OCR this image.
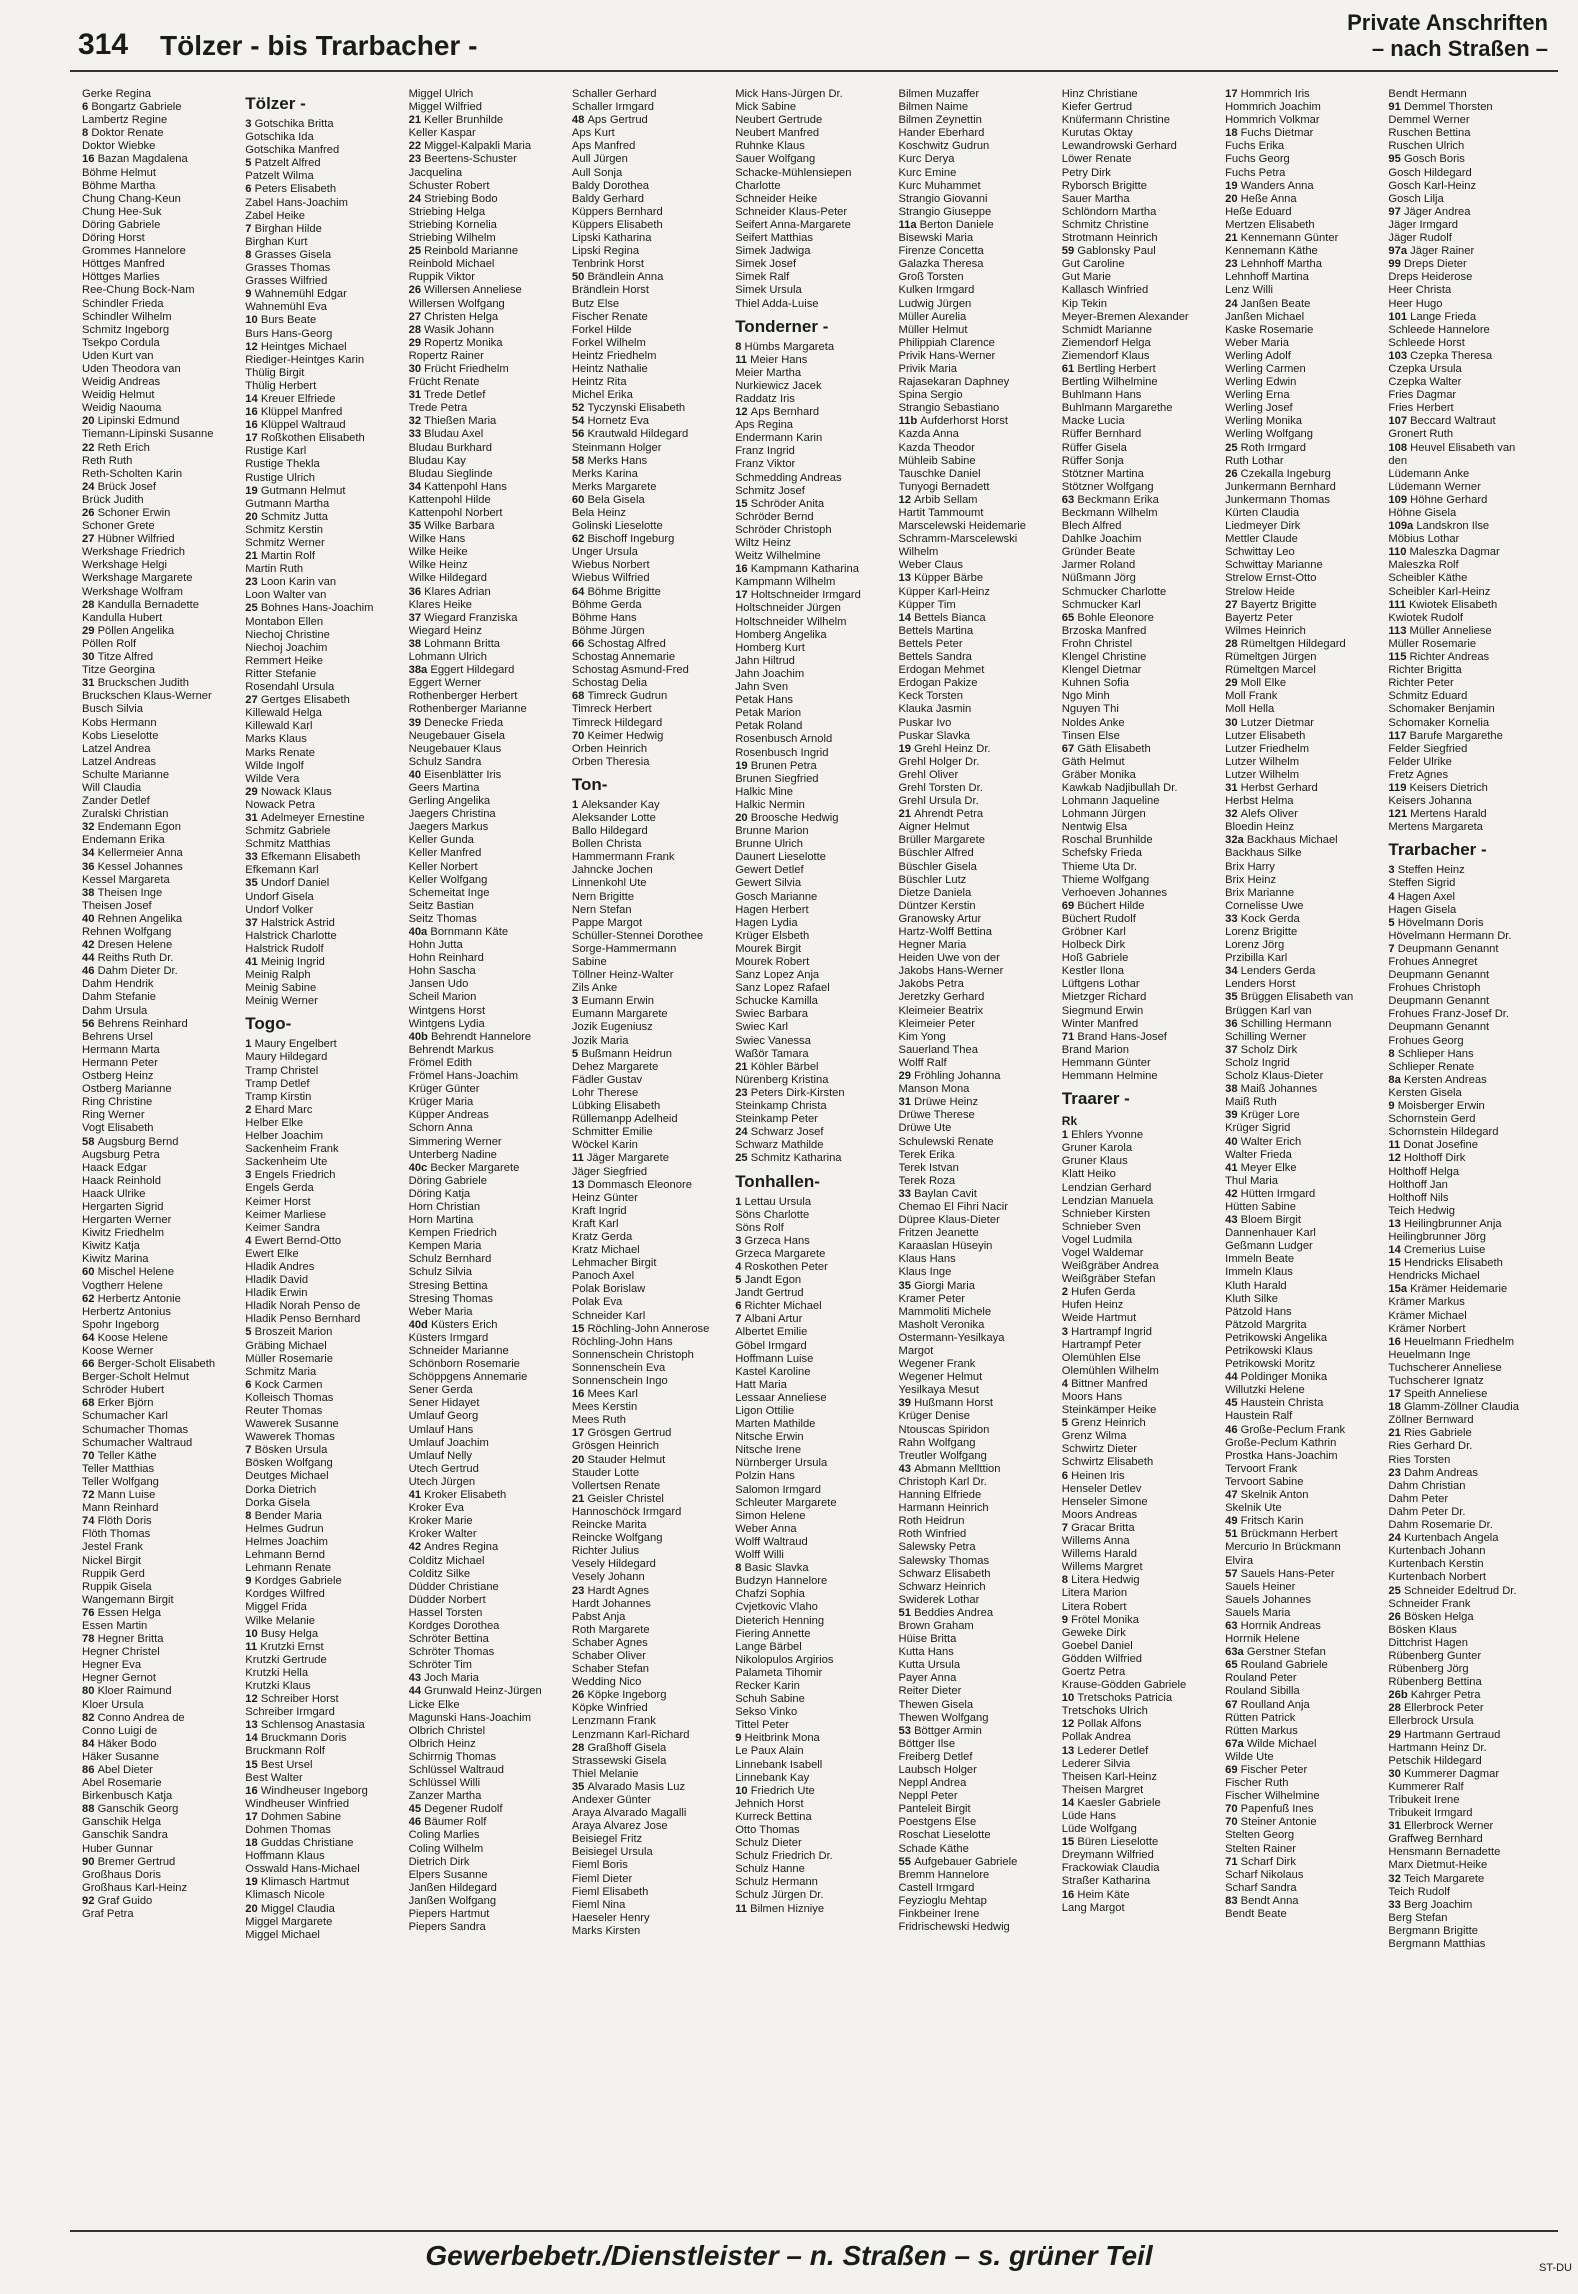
314 Tölzer - bis Trarbacher -
Private Anschriften
– nach Straßen –
Gerke Regina
6 Bongartz Gabriele
Lambertz Regine
8 Doktor Renate
Doktor Wiebke
16 Bazan Magdalena
Böhme Helmut
Böhme Martha
Chung Chang-Keun
Chung Hee-Suk
Döring Gabriele
Döring Horst
Grommes Hannelore
Höttges Manfred
Höttges Marlies
Ree-Chung Bock-Nam
Schindler Frieda
Schindler Wilhelm
Schmitz Ingeborg
Tsekpo Cordula
Uden Kurt van
Uden Theodora van
Weidig Andreas
Weidig Helmut
Weidig Naouma
20 Lipinski Edmund
Tiemann-Lipinski Susanne
22 Reth Erich
Reth Ruth
Reth-Scholten Karin
24 Brück Josef
Brück Judith
26 Schoner Erwin
Schoner Grete
27 Hübner Wilfried
Werkshage Friedrich
Werkshage Helgi
Werkshage Margarete
Werkshage Wolfram
28 Kandulla Bernadette
Kandulla Hubert
29 Pöllen Angelika
Pöllen Rolf
30 Titze Alfred
Titze Georgina
31 Bruckschen Judith
Bruckschen Klaus-Werner
Busch Silvia
Kobs Hermann
Kobs Lieselotte
Latzel Andrea
Latzel Andreas
Schulte Marianne
Will Claudia
Zander Detlef
Zuralski Christian
32 Endemann Egon
Endemann Erika
34 Kellermeier Anna
36 Kessel Johannes
Kessel Margareta
38 Theisen Inge
Theisen Josef
40 Rehnen Angelika
Rehnen Wolfgang
42 Dresen Helene
44 Reiths Ruth Dr.
46 Dahm Dieter Dr.
Dahm Hendrik
Dahm Stefanie
Dahm Ursula
56 Behrens Reinhard
Behrens Ursel
Hermann Marta
Hermann Peter
Ostberg Heinz
Ostberg Marianne
Ring Christine
Ring Werner
Vogt Elisabeth
58 Augsburg Bernd
Augsburg Petra
Haack Edgar
Haack Reinhold
Haack Ulrike
Hergarten Sigrid
Hergarten Werner
Kiwitz Friedhelm
Kiwitz Katja
Kiwitz Marina
60 Mischel Helene
Vogtherr Helene
62 Herbertz Antonie
Herbertz Antonius
Spohr Ingeborg
64 Koose Helene
Koose Werner
66 Berger-Scholt Elisabeth
Berger-Scholt Helmut
Schröder Hubert
68 Erker Björn
Schumacher Karl
Schumacher Thomas
Schumacher Waltraud
70 Teller Käthe
Teller Matthias
Teller Wolfgang
72 Mann Luise
Mann Reinhard
74 Flöth Doris
Flöth Thomas
Jestel Frank
Nickel Birgit
Ruppik Gerd
Ruppik Gisela
Wangemann Birgit
76 Essen Helga
Essen Martin
78 Hegner Britta
Hegner Christel
Hegner Eva
Hegner Gernot
80 Kloer Raimund
Kloer Ursula
82 Conno Andrea de
Conno Luigi de
84 Häker Bodo
Häker Susanne
86 Abel Dieter
Abel Rosemarie
Birkenbusch Katja
88 Ganschik Georg
Ganschik Helga
Ganschik Sandra
Huber Gunnar
90 Bremer Gertrud
Großhaus Doris
Großhaus Karl-Heinz
92 Graf Guido
Graf Petra
Tölzer -
3 Gotschika Britta
Gotschika Ida
Gotschika Manfred
5 Patzelt Alfred
Patzelt Wilma
6 Peters Elisabeth
Zabel Hans-Joachim
Zabel Heike
7 Birghan Hilde
Birghan Kurt
8 Grasses Gisela
Grasses Thomas
Grasses Wilfried
9 Wahnemühl Edgar
Wahnemühl Eva
10 Burs Beate
Burs Hans-Georg
12 Heintges Michael
Riediger-Heintges Karin
Thülig Birgit
Thülig Herbert
14 Kreuer Elfriede
16 Klüppel Manfred
16 Klüppel Waltraud
17 Roßkothen Elisabeth
Rustige Karl
Rustige Thekla
Rustige Ulrich
19 Gutmann Helmut
Gutmann Martha
20 Schmitz Jutta
Schmitz Kerstin
Schmitz Werner
21 Martin Rolf
Martin Ruth
23 Loon Karin van
Loon Walter van
25 Bohnes Hans-Joachim
Montabon Ellen
Niechoj Christine
Niechoj Joachim
Remmert Heike
Ritter Stefanie
Rosendahl Ursula
27 Gertges Elisabeth
Killewald Helga
Killewald Karl
Marks Klaus
Marks Renate
Wilde Ingolf
Wilde Vera
29 Nowack Klaus
Nowack Petra
31 Adelmeyer Ernestine
Schmitz Gabriele
Schmitz Matthias
33 Efkemann Elisabeth
Efkemann Karl
35 Undorf Daniel
Undorf Gisela
Undorf Volker
37 Halstrick Astrid
Halstrick Charlotte
Halstrick Rudolf
41 Meinig Ingrid
Meinig Ralph
Meinig Sabine
Meinig Werner
Togo-
1 Maury Engelbert
Maury Hildegard
Tramp Christel
Tramp Detlef
Tramp Kirstin
2 Ehard Marc
Helber Elke
Helber Joachim
Sackenheim Frank
Sackenheim Ute
3 Engels Friedrich
Engels Gerda
Keimer Horst
Keimer Marliese
Keimer Sandra
4 Ewert Bernd-Otto
Ewert Elke
Hladik Andres
Hladik David
Hladik Erwin
Hladik Norah Penso de
Hladik Penso Bernhard
5 Broszeit Marion
Gräbing Michael
Müller Rosemarie
Schmitz Maria
6 Kock Carmen
Kolleisch Thomas
Reuter Thomas
Wawerek Susanne
Wawerek Thomas
7 Bösken Ursula
Bösken Wolfgang
Deutges Michael
Dorka Dietrich
Dorka Gisela
8 Bender Maria
Helmes Gudrun
Helmes Joachim
Lehmann Bernd
Lehmann Renate
9 Kordges Gabriele
Kordges Wilfred
Miggel Frida
Wilke Melanie
10 Busy Helga
11 Krutzki Ernst
Krutzki Gertrude
Krutzki Hella
Krutzki Klaus
12 Schreiber Horst
Schreiber Irmgard
13 Schlensog Anastasia
14 Bruckmann Doris
Bruckmann Rolf
15 Best Ursel
Best Walter
16 Windheuser Ingeborg
Windheuser Winfried
17 Dohmen Sabine
Dohmen Thomas
18 Guddas Christiane
Hoffmann Klaus
Osswald Hans-Michael
19 Klimasch Hartmut
Klimasch Nicole
20 Miggel Claudia
Miggel Margarete
Miggel Michael
Miggel Ulrich
Miggel Wilfried
21 Keller Brunhilde
Keller Kaspar
22 Miggel-Kalpakli Maria
23 Beertens-Schuster
Jacquelina
Schuster Robert
24 Striebing Bodo
Striebing Helga
Striebing Kornelia
Striebing Wilhelm
25 Reinbold Marianne
Reinbold Michael
Ruppik Viktor
26 Willersen Anneliese
Willersen Wolfgang
27 Christen Helga
28 Wasik Johann
29 Ropertz Monika
Ropertz Rainer
30 Frücht Friedhelm
Frücht Renate
31 Trede Detlef
Trede Petra
32 Thießen Maria
33 Bludau Axel
Bludau Burkhard
Bludau Kay
Bludau Sieglinde
34 Kattenpohl Hans
Kattenpohl Hilde
Kattenpohl Norbert
35 Wilke Barbara
Wilke Hans
Wilke Heike
Wilke Heinz
Wilke Hildegard
36 Klares Adrian
Klares Heike
37 Wiegard Franziska
Wiegard Heinz
38 Lohmann Britta
Lohmann Ulrich
38a Eggert Hildegard
Eggert Werner
Rothenberger Herbert
Rothenberger Marianne
39 Denecke Frieda
Neugebauer Gisela
Neugebauer Klaus
Schulz Sandra
40 Eisenblätter Iris
Geers Martina
Gerling Angelika
Jaegers Christina
Jaegers Markus
Keller Gunda
Keller Manfred
Keller Norbert
Keller Wolfgang
Schemeitat Inge
Seitz Bastian
Seitz Thomas
40a Bornmann Käte
Hohn Jutta
Hohn Reinhard
Hohn Sascha
Jansen Udo
Scheil Marion
Wintgens Horst
Wintgens Lydia
40b Behrendt Hannelore
Behrendt Markus
Frömel Edith
Frömel Hans-Joachim
Krüger Günter
Krüger Maria
Küpper Andreas
Schorn Anna
Simmering Werner
Unterberg Nadine
40c Becker Margarete
Döring Gabriele
Döring Katja
Horn Christian
Horn Martina
Kempen Friedrich
Kempen Maria
Schulz Bernhard
Schulz Silvia
Stresing Bettina
Stresing Thomas
Weber Maria
40d Küsters Erich
Küsters Irmgard
Schneider Marianne
Schönborn Rosemarie
Schöppgens Annemarie
Sener Gerda
Sener Hidayet
Umlauf Georg
Umlauf Hans
Umlauf Joachim
Umlauf Nelly
Utech Gertrud
Utech Jürgen
41 Kroker Elisabeth
Kroker Eva
Kroker Marie
Kroker Walter
42 Andres Regina
Colditz Michael
Colditz Silke
Düdder Christiane
Düdder Norbert
Hassel Torsten
Kordges Dorothea
Schröter Bettina
Schröter Thomas
Schröter Tim
43 Joch Maria
44 Grunwald Heinz-Jürgen
Licke Elke
Magunski Hans-Joachim
Olbrich Christel
Olbrich Heinz
Schirrnig Thomas
Schlüssel Waltraud
Schlüssel Willi
Zanzer Martha
45 Degener Rudolf
46 Bäumer Rolf
Coling Marlies
Coling Wilhelm
Dietrich Dirk
Elpers Susanne
Janßen Hildegard
Janßen Wolfgang
Piepers Hartmut
Piepers Sandra
Schaller Gerhard
Schaller Irmgard
48 Aps Gertrud
Aps Kurt
Aps Manfred
Aull Jürgen
Aull Sonja
Baldy Dorothea
Baldy Gerhard
Küppers Bernhard
Küppers Elisabeth
Lipski Katharina
Lipski Regina
Tenbrink Horst
50 Brändlein Anna
Brändlein Horst
Butz Else
Fischer Renate
Forkel Hilde
Forkel Wilhelm
Heintz Friedhelm
Heintz Nathalie
Heintz Rita
Michel Erika
52 Tyczynski Elisabeth
54 Hornetz Eva
56 Krautwald Hildegard
Steinmann Holger
58 Merks Hans
Merks Karina
Merks Margarete
60 Bela Gisela
Bela Heinz
Golinski Lieselotte
62 Bischoff Ingeburg
Unger Ursula
Wiebus Norbert
Wiebus Wilfried
64 Böhme Brigitte
Böhme Gerda
Böhme Hans
Böhme Jürgen
66 Schostag Alfred
Schostag Annemarie
Schostag Asmund-Fred
Schostag Delia
68 Timreck Gudrun
Timreck Herbert
Timreck Hildegard
70 Keimer Hedwig
Orben Heinrich
Orben Theresia
Ton-
1 Aleksander Kay
Aleksander Lotte
Ballo Hildegard
Bollen Christa
Hammermann Frank
Jahncke Jochen
Linnenkohl Ute
Nern Brigitte
Nern Stefan
Pappe Margot
Schüller-Stennei Dorothee
Sorge-Hammermann
Sabine
Töllner Heinz-Walter
Zils Anke
3 Eumann Erwin
Eumann Margarete
Jozik Eugeniusz
Jozik Maria
5 Bußmann Heidrun
Dehez Margarete
Fädler Gustav
Lohr Therese
Lübking Elisabeth
Rüllemanpp Adelheid
Schmitter Emilie
Wöckel Karin
11 Jäger Margarete
Jäger Siegfried
13 Dommasch Eleonore
Heinz Günter
Kraft Ingrid
Kraft Karl
Kratz Gerda
Kratz Michael
Lehmacher Birgit
Panoch Axel
Polak Borislaw
Polak Eva
Schneider Karl
15 Röchling-John Annerose
Röchling-John Hans
Sonnenschein Christoph
Sonnenschein Eva
Sonnenschein Ingo
16 Mees Karl
Mees Kerstin
Mees Ruth
17 Grösgen Gertrud
Grösgen Heinrich
20 Stauder Helmut
Stauder Lotte
Vollertsen Renate
21 Geisler Christel
Hannoschöck Irmgard
Reincke Marita
Reincke Wolfgang
Richter Julius
Vesely Hildegard
Vesely Johann
23 Hardt Agnes
Hardt Johannes
Pabst Anja
Roth Margarete
Schaber Agnes
Schaber Oliver
Schaber Stefan
Wedding Nico
26 Köpke Ingeborg
Köpke Winfried
Lenzmann Frank
Lenzmann Karl-Richard
28 Graßhoff Gisela
Strassewski Gisela
Thiel Melanie
35 Alvarado Masis Luz
Andexer Günter
Araya Alvarado Magalli
Araya Alvarez Jose
Beisiegel Fritz
Beisiegel Ursula
Fieml Boris
Fieml Dieter
Fieml Elisabeth
Fieml Nina
Haeseler Henry
Marks Kirsten
Mick Hans-Jürgen Dr.
Mick Sabine
Neubert Gertrude
Neubert Manfred
Ruhnke Klaus
Sauer Wolfgang
Schacke-Mühlensiepen
Charlotte
Schneider Heike
Schneider Klaus-Peter
Seifert Anna-Margarete
Seifert Matthias
Simek Jadwiga
Simek Josef
Simek Ralf
Simek Ursula
Thiel Adda-Luise
Tonderner -
8 Hümbs Margareta
11 Meier Hans
Meier Martha
Nurkiewicz Jacek
Raddatz Iris
12 Aps Bernhard
Aps Regina
Endermann Karin
Franz Ingrid
Franz Viktor
Schmedding Andreas
Schmitz Josef
15 Schröder Anita
Schröder Bernd
Schröder Christoph
Wiltz Heinz
Weitz Wilhelmine
16 Kampmann Katharina
Kampmann Wilhelm
17 Holtschneider Irmgard
Holtschneider Jürgen
Holtschneider Wilhelm
Homberg Angelika
Homberg Kurt
Jahn Hiltrud
Jahn Joachim
Jahn Sven
Petak Hans
Petak Marion
Petak Roland
Rosenbusch Arnold
Rosenbusch Ingrid
19 Brunen Petra
Brunen Siegfried
Halkic Mine
Halkic Nermin
20 Broosche Hedwig
Brunne Marion
Brunne Ulrich
Daunert Lieselotte
Gewert Detlef
Gewert Silvia
Gosch Marianne
Hagen Herbert
Hagen Lydia
Krüger Elsbeth
Mourek Birgit
Mourek Robert
Sanz Lopez Anja
Sanz Lopez Rafael
Schucke Kamilla
Swiec Barbara
Swiec Karl
Swiec Vanessa
Waßör Tamara
21 Köhler Bärbel
Nürenberg Kristina
23 Peters Dirk-Kirsten
Steinkamp Christa
Steinkamp Peter
24 Schwarz Josef
Schwarz Mathilde
25 Schmitz Katharina
Tonhallen-
1 Lettau Ursula
Söns Charlotte
Söns Rolf
3 Grzeca Hans
Grzeca Margarete
4 Roskothen Peter
5 Jandt Egon
Jandt Gertrud
6 Richter Michael
7 Albani Artur
Albertet Emilie
Göbel Irmgard
Hoffmann Luise
Kastel Karoline
Hatt Maria
Lessaar Anneliese
Ligon Ottilie
Marten Mathilde
Nitsche Erwin
Nitsche Irene
Nürnberger Ursula
Polzin Hans
Salomon Irmgard
Schleuter Margarete
Simon Helene
Weber Anna
Wolff Waltraud
Wolff Willi
8 Basic Slavka
Budzyn Hannelore
Chafzi Sophia
Cvjetkovic Vlaho
Dieterich Henning
Fiering Annette
Lange Bärbel
Nikolopulos Argirios
Palameta Tihomir
Recker Karin
Schuh Sabine
Sekso Vinko
Tittel Peter
9 Heitbrink Mona
Le Paux Alain
Linnebank Isabell
Linnebank Kay
10 Friedrich Ute
Jehnich Horst
Kurreck Bettina
Otto Thomas
Schulz Dieter
Schulz Friedrich Dr.
Schulz Hanne
Schulz Hermann
Schulz Jürgen Dr.
11 Bilmen Hizniye
Bilmen Muzaffer
Bilmen Naime
Bilmen Zeynettin
Hander Eberhard
Koschwitz Gudrun
Kurc Derya
Kurc Emine
Kurc Muhammet
Strangio Giovanni
Strangio Giuseppe
11a Berton Daniele
Bisewski Maria
Firenze Concetta
Galazka Theresa
Groß Torsten
Kulken Irmgard
Ludwig Jürgen
Müller Aurelia
Müller Helmut
Philippiah Clarence
Privik Hans-Werner
Privik Maria
Rajasekaran Daphney
Spina Sergio
Strangio Sebastiano
11b Aufderhorst Horst
Kazda Anna
Kazda Theodor
Mühleib Sabine
Tauschke Daniel
Tunyogi Bernadett
12 Arbib Sellam
Hartit Tammoumt
Marscelewski Heidemarie
Schramm-Marscelewski
Wilhelm
Weber Claus
13 Küpper Bärbe
Küpper Karl-Heinz
Küpper Tim
14 Bettels Bianca
Bettels Martina
Bettels Peter
Bettels Sandra
Erdogan Mehmet
Erdogan Pakize
Keck Torsten
Klauka Jasmin
Puskar Ivo
Puskar Slavka
19 Grehl Heinz Dr.
Grehl Holger Dr.
Grehl Oliver
Grehl Torsten Dr.
Grehl Ursula Dr.
21 Ahrendt Petra
Aigner Helmut
Brüller Margarete
Büschler Alfred
Büschler Gisela
Büschler Lutz
Dietze Daniela
Düntzer Kerstin
Granowsky Artur
Hartz-Wolff Bettina
Hegner Maria
Heiden Uwe von der
Jakobs Hans-Werner
Jakobs Petra
Jeretzky Gerhard
Kleimeier Beatrix
Kleimeier Peter
Kim Yong
Sauerland Thea
Wolff Ralf
29 Fröhling Johanna
Manson Mona
31 Drüwe Heinz
Drüwe Therese
Drüwe Ute
Schulewski Renate
Terek Erika
Terek Istvan
Terek Roza
33 Baylan Cavit
Chemao El Fihri Nacir
Düpree Klaus-Dieter
Fritzen Jeanette
Karaaslan Hüseyin
Klaus Hans
Klaus Inge
35 Giorgi Maria
Kramer Peter
Mammoliti Michele
Masholt Veronika
Ostermann-Yesilkaya
Margot
Wegener Frank
Wegener Helmut
Yesilkaya Mesut
39 Hußmann Horst
Krüger Denise
Ntouscas Spiridon
Rahn Wolfgang
Treutler Wolfgang
43 Abmann Mellttion
Christoph Karl Dr.
Hanning Elfriede
Harmann Heinrich
Roth Heidrun
Roth Winfried
Salewsky Petra
Salewsky Thomas
Schwarz Elisabeth
Schwarz Heinrich
Swiderek Lothar
51 Beddies Andrea
Brown Graham
Hüise Britta
Kutta Hans
Kutta Ursula
Payer Anna
Reiter Dieter
Thewen Gisela
Thewen Wolfgang
53 Böttger Armin
Böttger Ilse
Freiberg Detlef
Laubsch Holger
Neppl Andrea
Neppl Peter
Panteleit Birgit
Poestgens Else
Roschat Lieselotte
Schade Käthe
55 Aufgebauer Gabriele
Bremm Hannelore
Castell Irmgard
Feyzioglu Mehtap
Finkbeiner Irene
Fridrischewski Hedwig
Hinz Christiane
Kiefer Gertrud
Knüfermann Christine
Kurutas Oktay
Lewandrowski Gerhard
Löwer Renate
Petry Dirk
Ryborsch Brigitte
Sauer Martha
Schlöndorn Martha
Schmitz Christine
Strotmann Heinrich
59 Gablonsky Paul
Gut Caroline
Gut Marie
Kallasch Winfried
Kip Tekin
Meyer-Bremen Alexander
Schmidt Marianne
Ziemendorf Helga
Ziemendorf Klaus
61 Bertling Herbert
Bertling Wilhelmine
Buhlmann Hans
Buhlmann Margarethe
Macke Lucia
Rüffer Bernhard
Rüffer Gisela
Rüffer Sonja
Stötzner Martina
Stötzner Wolfgang
63 Beckmann Erika
Beckmann Wilhelm
Blech Alfred
Dahlke Joachim
Gründer Beate
Jarmer Roland
Nüßmann Jörg
Schmucker Charlotte
Schmucker Karl
65 Bohle Eleonore
Brzoska Manfred
Frohn Christel
Klengel Christine
Klengel Dietmar
Kuhnen Sofia
Ngo Minh
Nguyen Thi
Noldes Anke
Tinsen Else
67 Gäth Elisabeth
Gäth Helmut
Gräber Monika
Kawkab Nadjibullah Dr.
Lohmann Jaqueline
Lohmann Jürgen
Nentwig Elsa
Roschal Brunhilde
Schefsky Frieda
Thieme Uta Dr.
Thieme Wolfgang
Verhoeven Johannes
69 Büchert Hilde
Büchert Rudolf
Gröbner Karl
Holbeck Dirk
Hoß Gabriele
Kestler Ilona
Lüftgens Lothar
Mietzger Richard
Siegmund Erwin
Winter Manfred
71 Brand Hans-Josef
Brand Marion
Hemmann Günter
Hemmann Helmine
Traarer -
Rk
1 Ehlers Yvonne
Gruner Karola
Gruner Klaus
Klatt Heiko
Lendzian Gerhard
Lendzian Manuela
Schnieber Kirsten
Schnieber Sven
Vogel Ludmila
Vogel Waldemar
Weißgräber Andrea
Weißgräber Stefan
2 Hufen Gerda
Hufen Heinz
Weide Hartmut
3 Hartrampf Ingrid
Hartrampf Peter
Olemühlen Else
Olemühlen Wilhelm
4 Bittner Manfred
Moors Hans
Steinkämper Heike
5 Grenz Heinrich
Grenz Wilma
Schwirtz Dieter
Schwirtz Elisabeth
6 Heinen Iris
Henseler Detlev
Henseler Simone
Moors Andreas
7 Gracar Britta
Willems Anna
Willems Harald
Willems Margret
8 Litera Hedwig
Litera Marion
Litera Robert
9 Frötel Monika
Geweke Dirk
Goebel Daniel
Gödden Wilfried
Goertz Petra
Krause-Gödden Gabriele
10 Tretschoks Patricia
Tretschoks Ulrich
12 Pollak Alfons
Pollak Andrea
13 Lederer Detlef
Lederer Silvia
Theisen Karl-Heinz
Theisen Margret
14 Kaesler Gabriele
Lüde Hans
Lüde Wolfgang
15 Büren Lieselotte
Dreymann Wilfried
Frackowiak Claudia
Straßer Katharina
16 Heim Käte
Lang Margot
17 Hommrich Iris
Hommrich Joachim
Hommrich Volkmar
18 Fuchs Dietmar
Fuchs Erika
Fuchs Georg
Fuchs Petra
19 Wanders Anna
20 Heße Anna
Heße Eduard
Mertzen Elisabeth
21 Kennemann Günter
Kennemann Käthe
23 Lehnhoff Martha
Lehnhoff Martina
Lenz Willi
24 Janßen Beate
Janßen Michael
Kaske Rosemarie
Weber Maria
Werling Adolf
Werling Carmen
Werling Edwin
Werling Erna
Werling Josef
Werling Monika
Werling Wolfgang
25 Roth Irmgard
Ruth Lothar
26 Czekalla Ingeburg
Junkermann Bernhard
Junkermann Thomas
Kürten Claudia
Liedmeyer Dirk
Mettler Claude
Schwittay Leo
Schwittay Marianne
Strelow Ernst-Otto
Strelow Heide
27 Bayertz Brigitte
Bayertz Peter
Wilmes Heinrich
28 Rümeltgen Hildegard
Rümeltgen Jürgen
Rümeltgen Marcel
29 Moll Elke
Moll Frank
Moll Hella
30 Lutzer Dietmar
Lutzer Elisabeth
Lutzer Friedhelm
Lutzer Wilhelm
Lutzer Wilhelm
31 Herbst Gerhard
Herbst Helma
32 Alefs Oliver
Bloedin Heinz
32a Backhaus Michael
Backhaus Silke
Brix Harry
Brix Heinz
Brix Marianne
Cornelisse Uwe
33 Kock Gerda
Lorenz Brigitte
Lorenz Jörg
Przibilla Karl
34 Lenders Gerda
Lenders Horst
35 Brüggen Elisabeth van
Brüggen Karl van
36 Schilling Hermann
Schilling Werner
37 Scholz Dirk
Scholz Ingrid
Scholz Klaus-Dieter
38 Maiß Johannes
Maiß Ruth
39 Krüger Lore
Krüger Sigrid
40 Walter Erich
Walter Frieda
41 Meyer Elke
Thul Maria
42 Hütten Irmgard
Hütten Sabine
43 Bloem Birgit
Dannenhauer Karl
Geßmann Ludger
Immeln Beate
Immeln Klaus
Kluth Harald
Kluth Silke
Pätzold Hans
Pätzold Margrita
Petrikowski Angelika
Petrikowski Klaus
Petrikowski Moritz
44 Poldinger Monika
Willutzki Helene
45 Haustein Christa
Haustein Ralf
46 Große-Peclum Frank
Große-Peclum Kathrin
Prostka Hans-Joachim
Tervoort Frank
Tervoort Sabine
47 Skelnik Anton
Skelnik Ute
49 Fritsch Karin
51 Brückmann Herbert
Mercurio In Brückmann
Elvira
57 Sauels Hans-Peter
Sauels Heiner
Sauels Johannes
Sauels Maria
63 Horrnik Andreas
Horrnik Helene
63a Gerstner Stefan
65 Rouland Gabriele
Rouland Peter
Rouland Sibilla
67 Roulland Anja
Rütten Patrick
Rütten Markus
67a Wilde Michael
Wilde Ute
69 Fischer Peter
Fischer Ruth
Fischer Wilhelmine
70 Papenfuß Ines
70 Steiner Antonie
Stelten Georg
Stelten Rainer
71 Scharf Dirk
Scharf Nikolaus
Scharf Sandra
83 Bendt Anna
Bendt Beate
Bendt Hermann
91 Demmel Thorsten
Demmel Werner
Ruschen Bettina
Ruschen Ulrich
95 Gosch Boris
Gosch Hildegard
Gosch Karl-Heinz
Gosch Lilja
97 Jäger Andrea
Jäger Irmgard
Jäger Rudolf
97a Jäger Rainer
99 Dreps Dieter
Dreps Heiderose
Heer Christa
Heer Hugo
101 Lange Frieda
Schleede Hannelore
Schleede Horst
103 Czepka Theresa
Czepka Ursula
Czepka Walter
Fries Dagmar
Fries Herbert
107 Beccard Waltraut
Gronert Ruth
108 Heuvel Elisabeth van
den
Lüdemann Anke
Lüdemann Werner
109 Höhne Gerhard
Höhne Gisela
109a Landskron Ilse
Möbius Lothar
110 Maleszka Dagmar
Maleszka Rolf
Scheibler Käthe
Scheibler Karl-Heinz
111 Kwiotek Elisabeth
Kwiotek Rudolf
113 Müller Anneliese
Müller Rosemarie
115 Richter Andreas
Richter Brigitta
Richter Peter
Schmitz Eduard
Schomaker Benjamin
Schomaker Kornelia
117 Barufe Margarethe
Felder Siegfried
Felder Ulrike
Fretz Agnes
119 Keisers Dietrich
Keisers Johanna
121 Mertens Harald
Mertens Margareta
Trarbacher -
3 Steffen Heinz
Steffen Sigrid
4 Hagen Axel
Hagen Gisela
5 Hövelmann Doris
Hövelmann Hermann Dr.
7 Deupmann Genannt
Frohues Annegret
Deupmann Genannt
Frohues Christoph
Deupmann Genannt
Frohues Franz-Josef Dr.
Deupmann Genannt
Frohues Georg
8 Schlieper Hans
Schlieper Renate
8a Kersten Andreas
Kersten Gisela
9 Moisberger Erwin
Schornstein Gerd
Schornstein Hildegard
11 Donat Josefine
12 Holthoff Dirk
Holthoff Helga
Holthoff Jan
Holthoff Nils
Teich Hedwig
13 Heilingbrunner Anja
Heilingbrunner Jörg
14 Cremerius Luise
15 Hendricks Elisabeth
Hendricks Michael
15a Krämer Heidemarie
Krämer Markus
Krämer Michael
Krämer Norbert
16 Heuelmann Friedhelm
Heuelmann Inge
Tuchscherer Anneliese
Tuchscherer Ignatz
17 Speith Anneliese
18 Glamm-Zöllner Claudia
Zöllner Bernward
21 Ries Gabriele
Ries Gerhard Dr.
Ries Torsten
23 Dahm Andreas
Dahm Christian
Dahm Peter
Dahm Peter Dr.
Dahm Rosemarie Dr.
24 Kurtenbach Angela
Kurtenbach Johann
Kurtenbach Kerstin
Kurtenbach Norbert
25 Schneider Edeltrud Dr.
Schneider Frank
26 Bösken Helga
Bösken Klaus
Dittchrist Hagen
Rübenberg Gunter
Rübenberg Jörg
Rübenberg Bettina
26b Kahrger Petra
28 Ellerbrock Peter
Ellerbrock Ursula
29 Hartmann Gertraud
Hartmann Heinz Dr.
Petschik Hildegard
30 Kummerer Dagmar
Kummerer Ralf
Tribukeit Irene
Tribukeit Irmgard
31 Ellerbrock Werner
Graffweg Bernhard
Hensmann Bernadette
Marx Dietmut-Heike
32 Teich Margarete
Teich Rudolf
33 Berg Joachim
Berg Stefan
Bergmann Brigitte
Bergmann Matthias
Gewerbebetr./Dienstleister – n. Straßen – s. grüner Teil	ST-DU
